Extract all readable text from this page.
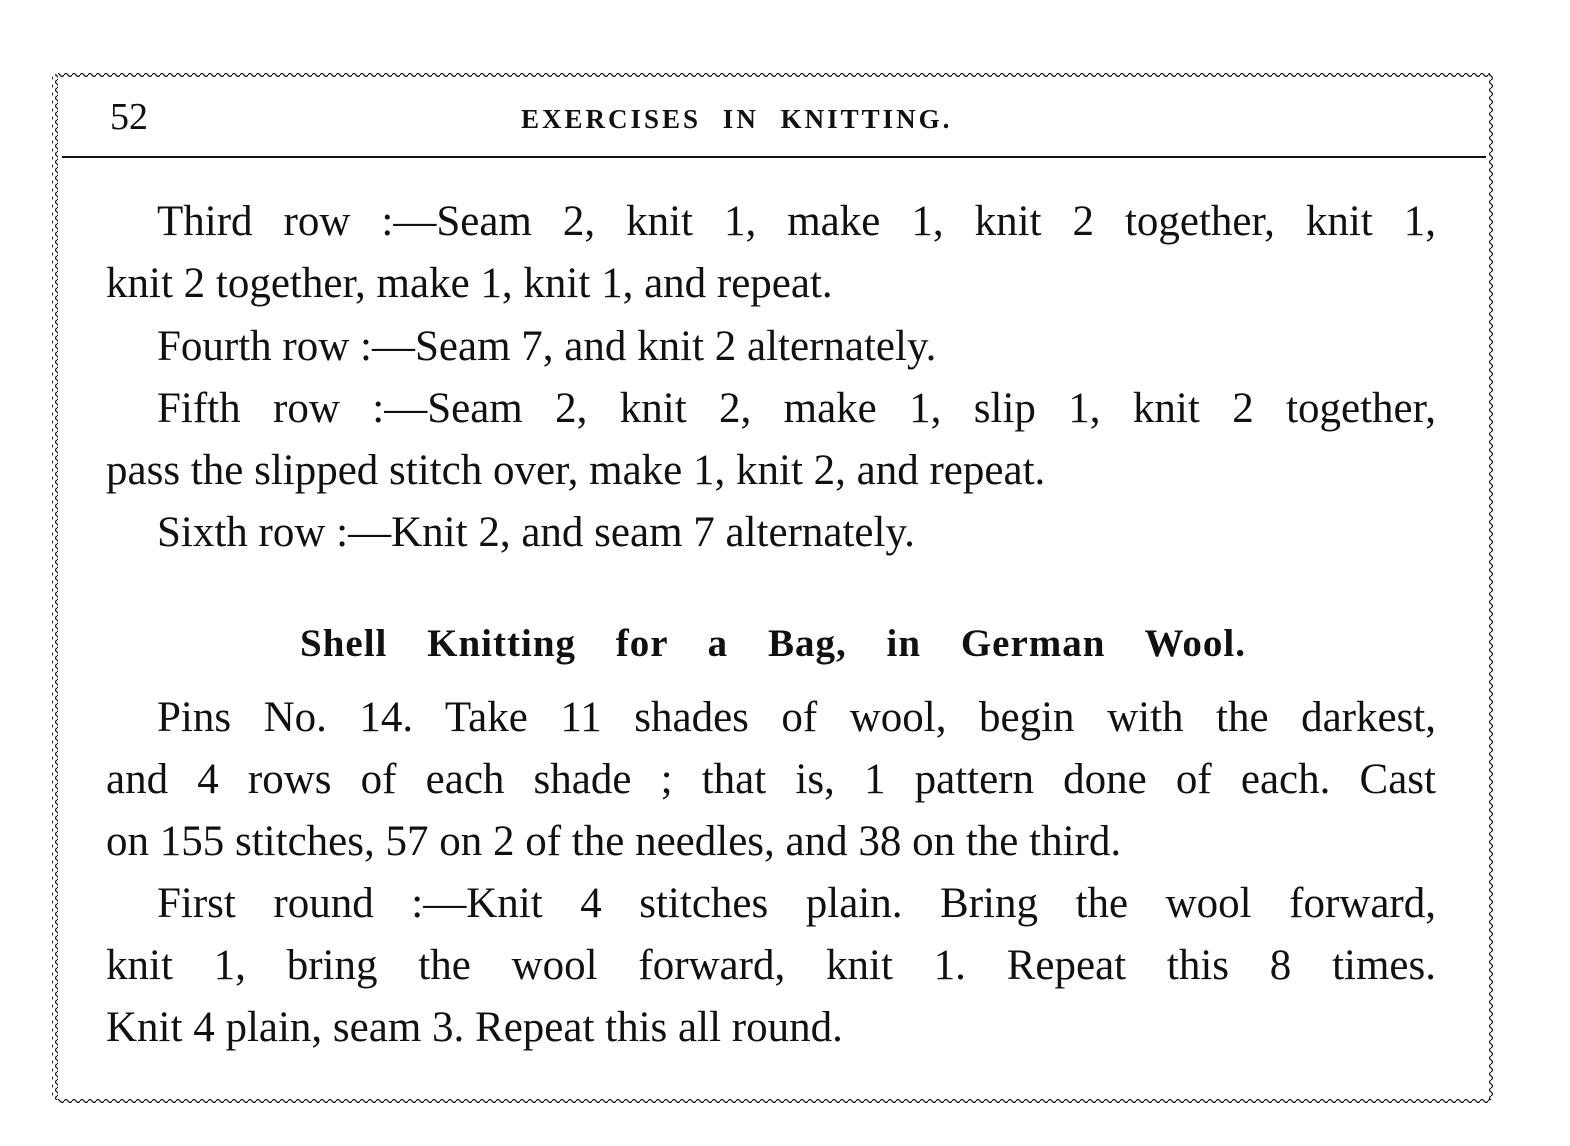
52	EXERCISES IN KNITTING.
Third row :—Seam 2, knit 1, make 1, knit 2 together, knit 1,
knit 2 together, make 1, knit 1, and repeat.
Fourth row :—Seam 7, and knit 2 alternately.
Fifth row :—Seam 2, knit 2, make 1, slip 1, knit 2 together,
pass the slipped stitch over, make 1, knit 2, and repeat.
Sixth row :—Knit 2, and seam 7 alternately.
Shell Knitting for a Bag, in German Wool.
Pins No. 14. Take 11 shades of wool, begin with the darkest,
and 4 rows of each shade ; that is, 1 pattern done of each. Cast
on 155 stitches, 57 on 2 of the needles, and 38 on the third.
First round :—Knit 4 stitches plain. Bring the wool forward,
knit 1, bring the wool forward, knit 1. Repeat this 8 times.
Knit 4 plain, seam 3. Repeat this all round.
